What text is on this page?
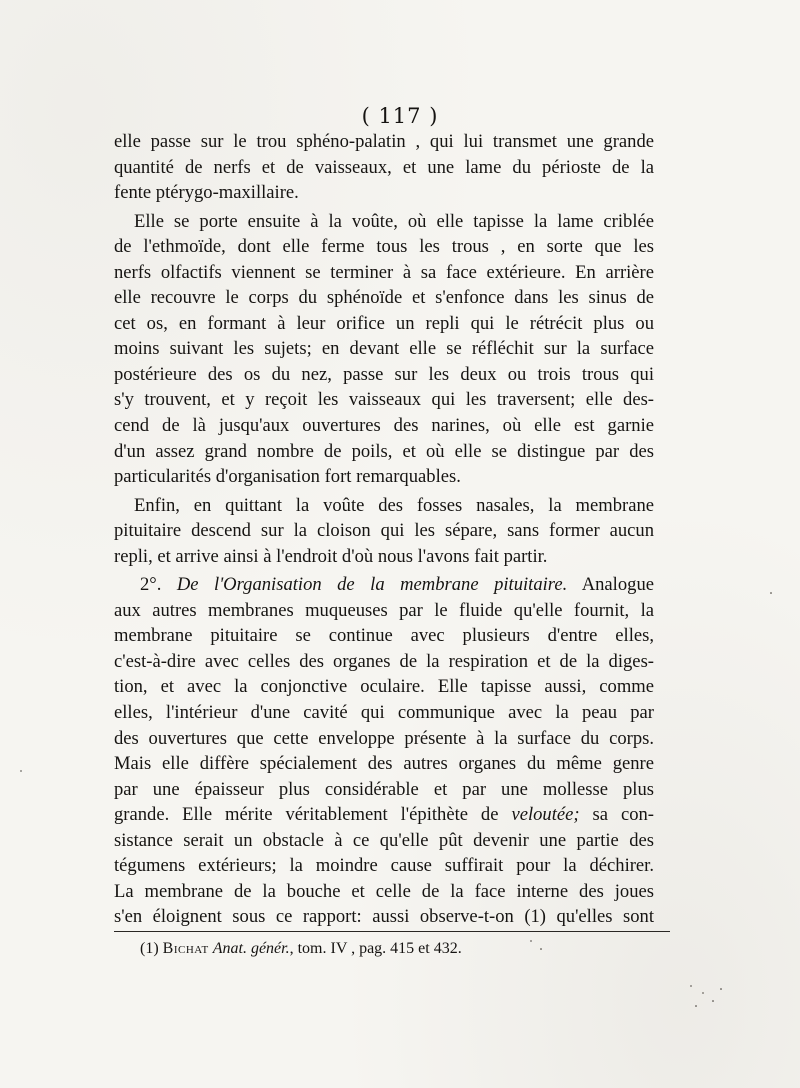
( 117 )
elle passe sur le trou sphéno-palatin , qui lui transmet une grande
quantité de nerfs et de vaisseaux, et une lame du périoste de la
fente ptérygo-maxillaire.
Elle se porte ensuite à la voûte, où elle tapisse la lame criblée
de l'ethmoïde, dont elle ferme tous les trous , en sorte que les
nerfs olfactifs viennent se terminer à sa face extérieure. En arrière
elle recouvre le corps du sphénoïde et s'enfonce dans les sinus de
cet os, en formant à leur orifice un repli qui le rétrécit plus ou
moins suivant les sujets; en devant elle se réfléchit sur la surface
postérieure des os du nez, passe sur les deux ou trois trous qui
s'y trouvent, et y reçoit les vaisseaux qui les traversent; elle des-
cend de là jusqu'aux ouvertures des narines, où elle est garnie
d'un assez grand nombre de poils, et où elle se distingue par des
particularités d'organisation fort remarquables.
Enfin, en quittant la voûte des fosses nasales, la membrane
pituitaire descend sur la cloison qui les sépare, sans former aucun
repli, et arrive ainsi à l'endroit d'où nous l'avons fait partir.
2°. De l'Organisation de la membrane pituitaire. Analogue
aux autres membranes muqueuses par le fluide qu'elle fournit, la
membrane pituitaire se continue avec plusieurs d'entre elles,
c'est-à-dire avec celles des organes de la respiration et de la diges-
tion, et avec la conjonctive oculaire. Elle tapisse aussi, comme
elles, l'intérieur d'une cavité qui communique avec la peau par
des ouvertures que cette enveloppe présente à la surface du corps.
Mais elle diffère spécialement des autres organes du même genre
par une épaisseur plus considérable et par une mollesse plus
grande. Elle mérite véritablement l'épithète de veloutée; sa con-
sistance serait un obstacle à ce qu'elle pût devenir une partie des
tégumens extérieurs; la moindre cause suffirait pour la déchirer.
La membrane de la bouche et celle de la face interne des joues
s'en éloignent sous ce rapport: aussi observe-t-on (1) qu'elles sont
(1) Bichat Anat. génér., tom. IV , pag. 415 et 432.
